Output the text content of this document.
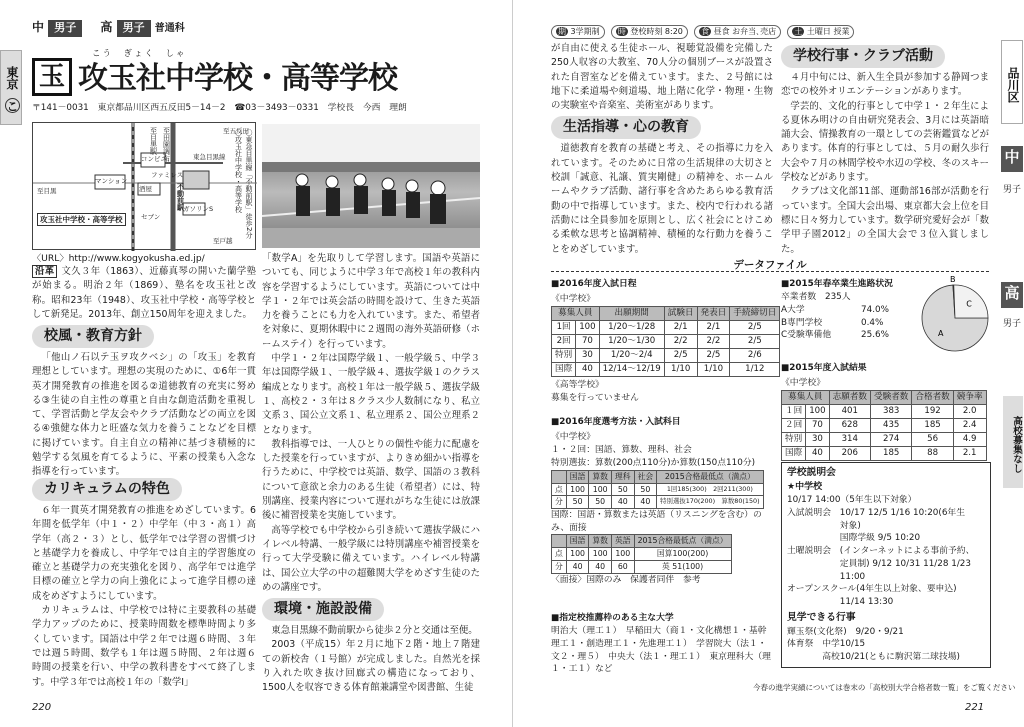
中 男子 高 男子 普通科
東京 こ
こう　ぎょく　しゃ
玉 攻玉社中学校・高等学校
〒141－0031　東京都品川区西五反田5－14－2　☎03－3493－0331　学校長　今西　理朗
至目黒駅 至田園調布
コンビニ
マンション
ファミレス
東急目黒線
不動前駅
酒屋
ガソリンS
セブン
至目黒
至五反田
至戸越
攻玉社中学校・高等学校	〇東急目黒線「不動前駅」徒歩2分　〇攻玉社中学校・高等学校
〈URL〉http://www.kogyokusha.ed.jp/
沿革 文久３年（1863）、近藤真琴の開いた蘭学塾が始まる。明治２年（1869）、塾名を攻玉社と改称。昭和23年（1948）、攻玉社中学校・高等学校として新発足。2013年、創立150周年を迎えました。
校風・教育方針
「他山ノ石以テ玉ヲ攻クベシ」の「攻玉」を教育理想としています。理想の実現のために、①6年一貫英才開発教育の推進を図る②道徳教育の充実に努める③生徒の自主性の尊重と自由な創造活動を重視して、学習活動と学友会やクラブ活動などの両立を図る④強健な体力と旺盛な気力を養うことなどを目標に掲げています。自主自立の精神に基づき積極的に勉学する気風を育てるように、平素の授業も入念な指導を行っています。
カリキュラムの特色
６年一貫英才開発教育の推進をめざしています。6年間を低学年（中１・２）中学年（中３・高１）高学年（高２・３）とし、低学年では学習の習慣づけと基礎学力を養成し、中学年では自主的学習態度の確立と基礎学力の充実強化を図り、高学年では進学目標の確立と学力の向上強化によって進学目標の達成をめざすようにしています。
カリキュラムは、中学校では特に主要教科の基礎学力アップのために、授業時間数を標準時間より多くしています。国語は中学２年では週６時間、３年では週５時間、数学も１年は週５時間、２年は週６時間の授業を行い、中学の教科書をすべて終了します。中学３年では高校１年の「数学Ⅰ」
「数学A」を先取りして学習します。国語や英語についても、同じように中学３年で高校１年の教科内容を学習するようにしています。英語については中学１・２年では英会話の時間を設けて、生きた英語力を養うことにも力を入れています。また、希望者を対象に、夏期休暇中に２週間の海外英語研修（ホームステイ）を行っています。
中学１・２年は国際学級１、一般学級５、中学３年は国際学級１、一般学級４、選抜学級１のクラス編成となります。高校１年は一般学級５、選抜学級１、高校２・３年は８クラス少人数制になり、私立文系３、国公立文系１、私立理系２、国公立理系２となります。
教科指導では、一人ひとりの個性や能力に配慮をした授業を行っていますが、よりきめ細かい指導を行うために、中学校では英語、数学、国語の３教科について意欲と余力のある生徒（希望者）には、特別講座、授業内容について遅れがちな生徒には放課後に補習授業を実施しています。
高等学校でも中学校から引き続いて選抜学級にハイレベル特講、一般学級には特別講座や補習授業を行って大学受験に備えています。ハイレベル特講は、国公立大学の中の超難関大学をめざす生徒のための講座です。
環境・施設設備
東急目黒線不動前駅から徒歩２分と交通は至便。
2003（平成15）年２月に地下２階・地上７階建ての新校舎（１号館）が完成しました。自然光を採り入れた吹き抜け回廊式の構造になっており、1500人を収容できる体育館兼講堂や図書館、生徒
220
期 3学期制 時 登校時刻 8:20 食 昼食 お弁当､売店 土 土曜日 授業
が自由に使える生徒ホール、視聴覚設備を完備した250人収容の大教室、70人分の個別ブースが設置された自習室などを備えています。また、２号館には地下に柔道場や剣道場、地上階に化学・物理・生物の実験室や音楽室、美術室があります。
生活指導・心の教育
道徳教育を教育の基礎と考え、その指導に力を入れています。そのために日常の生活規律の大切さと校訓「誠意、礼譲、質実剛健」の精神を、ホームルームやクラブ活動、諸行事を含めたあらゆる教育活動の中で指導しています。また、校内で行われる諸活動には全員参加を原則とし、広く社会にとけこめる柔軟な思考と協調精神、積極的な行動力を養うことをめざしています。
学校行事・クラブ活動
４月中旬には、新入生全員が参加する静岡つま恋での校外オリエンテーションがあります。
学芸的、文化的行事として中学１・２年生による夏休み明けの自由研究発表会、3月には英語暗誦大会、情操教育の一環としての芸術鑑賞などがあります。体育的行事としては、５月の耐久歩行大会や７月の林間学校や水辺の学校、冬のスキー学校などがあります。
クラブは文化部11部、運動部16部が活動を行っています。全国大会出場、東京都大会上位を目標に日々努力しています。数学研究愛好会が「数学甲子園2012」の全国大会で３位入賞しました。
品川区
中
男子
高
男子
高校募集なし
データファイル
■2016年度入試日程
《中学校》
募集人員		出願期間	試験日	発表日	手続締切日
1回	100	1/20〜1/28	2/1	2/1	2/5
2回	70	1/20〜1/30	2/2	2/2	2/5
特別	30	1/20〜2/4	2/5	2/5	2/6
国際	40	12/14〜12/19	1/10	1/10	1/12
《高等学校》
募集を行っていません
■2016年度選考方法・入試科目
《中学校》
１・２回：国語、算数、理科、社会
特別選抜：算数(200点110分)か算数(150点110分)
	国語	算数	理科	社会	2015合格最低点（満点）
点	100	100	50	50	1回185(300)　2回211(300)
分	50	50	40	40	特別選抜170(200)　算数80(150)
国際：国語・算数または英語（リスニングを含む）のみ、面接
	国語	算数	英語	2015合格最低点（満点）
点	100	100	100	国算100(200)
分	40	40	60	英 51(100)
〈面接〉国際のみ　保護者同伴　参考
■指定校推薦枠のある主な大学
明治大（理工１）　早稲田大（商１・文化構想１・基幹理工１・創造理工１・先進理工１）　学習院大（法１・文２・理５）　中央大（法１・理工１）　東京理科大（理１・工１）など
■2015年春卒業生進路状況
卒業者数　235人
A大学	74.0%
B専門学校	0.4%
C受験準備他	25.6%	A
B
C
■2015年度入試結果
《中学校》
募集人員		志願者数	受験者数	合格者数	競争率
１回	100	401	383	192	2.0
２回	70	628	435	185	2.4
特別	30	314	274	56	4.9
国際	40	206	185	88	2.1
学校説明会
★中学校
10/17 14:00（5年生以下対象）
入試説明会　10/17 12/5 1/16 10:20(6年生
　　　　　　対象)
　　　　　　国際学級 9/5 10:20
土曜説明会　(インターネットによる事前予約、
　　　　　　定員制) 9/12 10/31 11/28 1/23
　　　　　　11:00
オープンスクール(4年生以上対象、要申込)
　　　　　　11/14 13:30
見学できる行事
輝玉祭(文化祭)　9/20・9/21
体育祭　中学10/15
　　　　高校10/21(ともに駒沢第二球技場)
今春の進学実績については巻末の「高校別大学合格者数一覧」をご覧ください
221
